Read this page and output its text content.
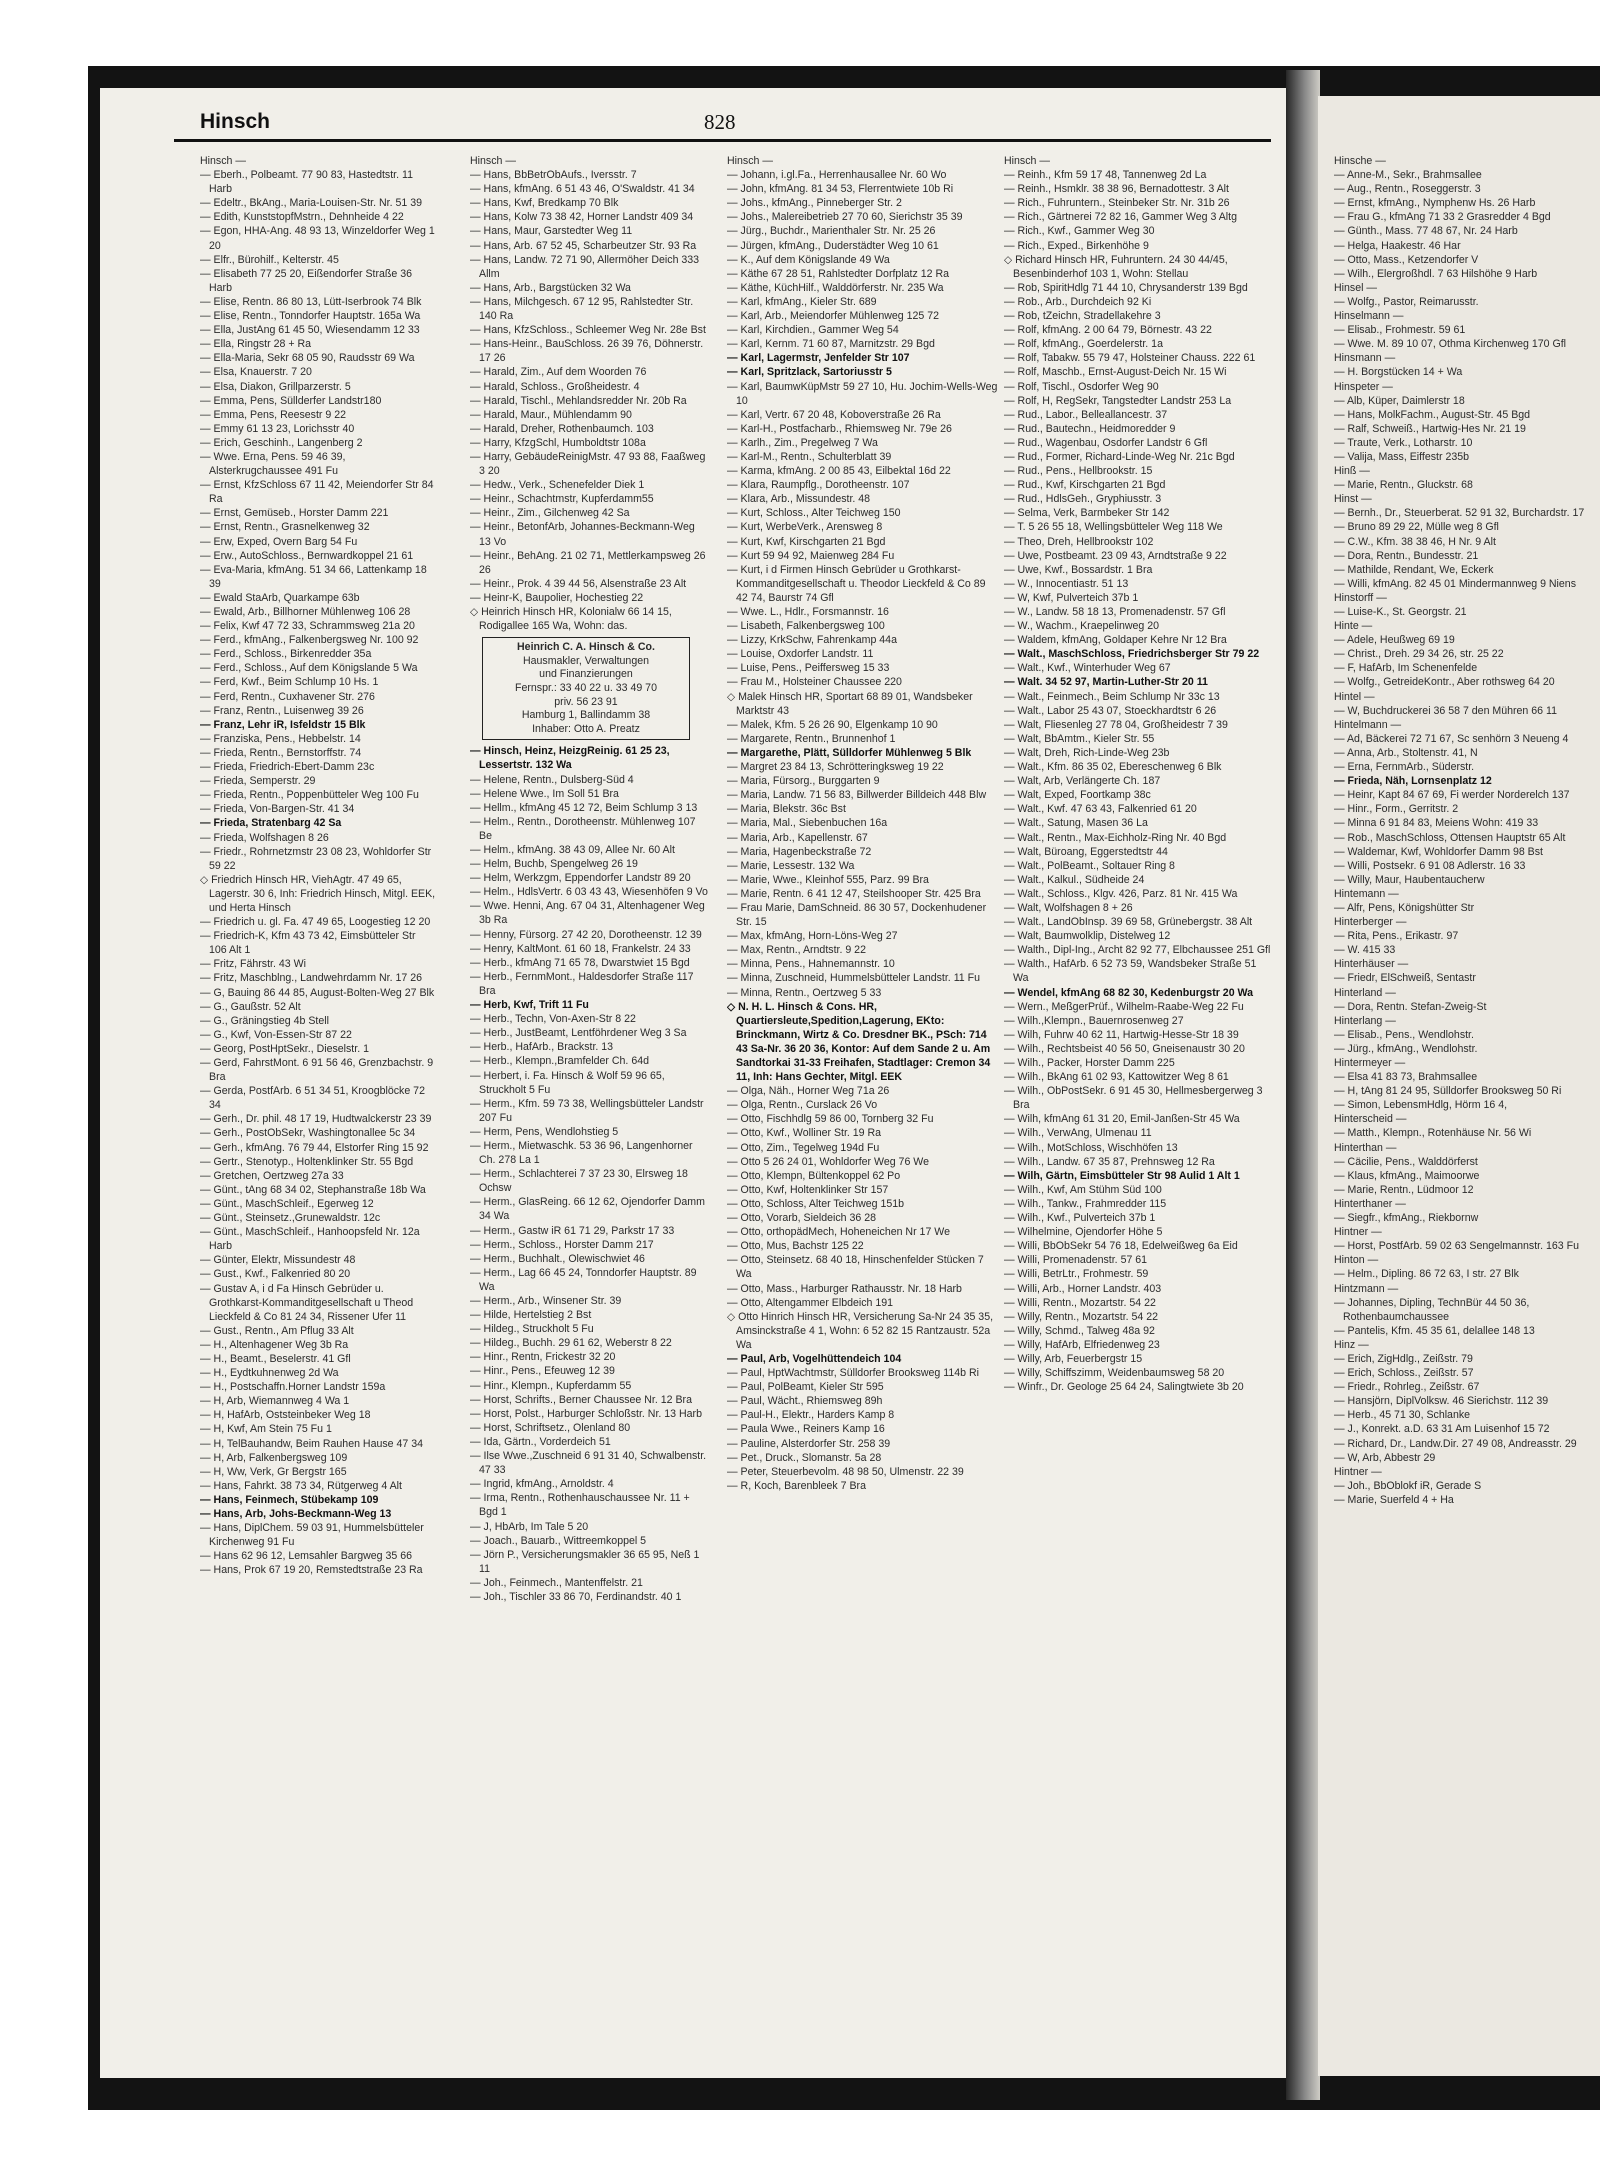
Hinsche —

— Anne-M., Sekr., Brahmsallee

— Aug., Rentn., Roseggerstr. 3

— Ernst, kfmAng., Nymphenw Hs. 26 Harb

— Frau G., kfmAng 71 33 2 Grasredder 4 Bgd

— Günth., Mass. 77 48 67, Nr. 24 Harb

— Helga, Haakestr. 46 Har

— Otto, Mass., Ketzendorfer V

— Wilh., Elergroßhdl. 7 63 Hilshöhe 9 Harb

Hinsel —

— Wolfg., Pastor, Reimarusstr.

Hinselmann —

— Elisab., Frohmestr. 59 61

— Wwe. M. 89 10 07, Othma Kirchenweg 170 Gfl

Hinsmann —

— H. Borgstücken 14 + Wa

Hinspeter —

— Alb, Küper, Daimlerstr 18

— Hans, MolkFachm., August-Str. 45 Bgd

— Ralf, Schweiß., Hartwig-Hes Nr. 21 19

— Traute, Verk., Lotharstr. 10

— Valija, Mass, Eiffestr 235b

Hinß —

— Marie, Rentn., Gluckstr. 68

Hinst —

— Bernh., Dr., Steuerberat. 52 91 32, Burchardstr. 17

— Bruno 89 29 22, Mülle weg 8 Gfl

— C.W., Kfm. 38 38 46, H Nr. 9 Alt

— Dora, Rentn., Bundesstr. 21

— Mathilde, Rendant, We, Eckerk

— Willi, kfmAng. 82 45 01 Mindermannweg 9 Niens

Hinstorff —

— Luise-K., St. Georgstr. 21

Hinte —

— Adele, Heußweg 69 19

— Christ., Dreh. 29 34 26, str. 25 22

— F, HafArb, Im Schenenfelde

— Wolfg., GetreideKontr., Aber rothsweg 64 20

Hintel —

— W, Buchdruckerei 36 58 7 den Mühren 66 11

Hintelmann —

— Ad, Bäckerei 72 71 67, Sc senhörn 3 Neueng 4

— Anna, Arb., Stoltenstr. 41, N

— Erna, FernmArb., Süderstr.

— Frieda, Näh, Lornsenplatz 12

— Heinr, Kapt 84 67 69, Fi werder Norderelch 137

— Hinr., Form., Gerritstr. 2

— Minna 6 91 84 83, Meiens Wohn: 419 33

— Rob., MaschSchloss, Ottensen Hauptstr 65 Alt

— Waldemar, Kwf, Wohldorfer Damm 98 Bst

— Willi, Postsekr. 6 91 08 Adlerstr. 16 33

— Willy, Maur, Haubentaucherw

Hintemann —

— Alfr, Pens, Königshütter Str

Hinterberger —

— Rita, Pens., Erikastr. 97

— W. 415 33

Hinterhäuser —

— Friedr, ElSchweiß, Sentastr

Hinterland —

— Dora, Rentn. Stefan-Zweig-St

Hinterlang —

— Elisab., Pens., Wendlohstr.

— Jürg., kfmAng., Wendlohstr.

Hintermeyer —

— Elsa 41 83 73, Brahmsallee

— H, tAng 81 24 95, Sülldorfer Brooksweg 50 Ri

— Simon, LebensmHdlg, Hörm 16 4,

Hinterscheid —

— Matth., Klempn., Rotenhäuse Nr. 56 Wi

Hinterthan —

— Cäcilie, Pens., Walddörferst

— Klaus, kfmAng., Maimoorwe

— Marie, Rentn., Lüdmoor 12

Hinterthaner —

— Siegfr., kfmAng., Riekbornw

Hintner —

— Horst, PostfArb. 59 02 63 Sengelmannstr. 163 Fu

Hinton —

— Helm., Dipling. 86 72 63, I str. 27 Blk

Hintzmann —

— Johannes, Dipling, TechnBür 44 50 36, Rothenbaumchaussee

— Pantelis, Kfm. 45 35 61, delallee 148 13

Hinz —

— Erich, ZigHdlg., Zeißstr. 79

— Erich, Schloss., Zeißstr. 57

— Friedr., Rohrleg., Zeißstr. 67

— Hansjörn, DiplVolksw. 46 Sierichstr. 112 39

— Herb., 45 71 30, Schlanke

— J., Konrekt. a.D. 63 31 Am Luisenhof 15 72

— Richard, Dr., Landw.Dir. 27 49 08, Andreasstr. 29

— W, Arb, Abbestr 29

Hintner —

— Joh., BbOblokf iR, Gerade S

— Marie, Suerfeld 4 + Ha

Hinsch	828

Hinsch —

— Eberh., Polbeamt. 77 90 83, Hastedtstr. 11 Harb

— Edeltr., BkAng., Maria-Louisen-Str. Nr. 51 39

— Edith, KunststopfMstrn., Dehnheide 4 22

— Egon, HHA-Ang. 48 93 13, Winzeldorfer Weg 1 20

— Elfr., Bürohilf., Kelterstr. 45

— Elisabeth 77 25 20, Eißendorfer Straße 36 Harb

— Elise, Rentn. 86 80 13, Lütt-Iserbrook 74 Blk

— Elise, Rentn., Tonndorfer Hauptstr. 165a Wa

— Ella, JustAng 61 45 50, Wiesendamm 12 33

— Ella, Ringstr 28 + Ra

— Ella-Maria, Sekr 68 05 90, Raudsstr 69 Wa

— Elsa, Knauerstr. 7 20

— Elsa, Diakon, Grillparzerstr. 5

— Emma, Pens, Süllderfer Landstr180

— Emma, Pens, Reesestr 9 22

— Emmy 61 13 23, Lorichsstr 40

— Erich, Geschinh., Langenberg 2

— Wwe. Erna, Pens. 59 46 39, Alsterkrugchaussee 491 Fu

— Ernst, KfzSchloss 67 11 42, Meiendorfer Str 84 Ra

— Ernst, Gemüseb., Horster Damm 221

— Ernst, Rentn., Grasnelkenweg 32

— Erw, Exped, Overn Barg 54 Fu

— Erw., AutoSchloss., Bernwardkoppel 21 61

— Eva-Maria, kfmAng. 51 34 66, Lattenkamp 18 39

— Ewald StaArb, Quarkampe 63b

— Ewald, Arb., Billhorner Mühlenweg 106 28

— Felix, Kwf 47 72 33, Schrammsweg 21a 20

— Ferd., kfmAng., Falkenbergsweg Nr. 100 92

— Ferd., Schloss., Birkenredder 35a

— Ferd., Schloss., Auf dem Königslande 5 Wa

— Ferd, Kwf., Beim Schlump 10 Hs. 1

— Ferd, Rentn., Cuxhavener Str. 276

— Franz, Rentn., Luisenweg 39 26

— Franz, Lehr iR, Isfeldstr 15 Blk

— Franziska, Pens., Hebbelstr. 14

— Frieda, Rentn., Bernstorffstr. 74

— Frieda, Friedrich-Ebert-Damm 23c

— Frieda, Semperstr. 29

— Frieda, Rentn., Poppenbütteler Weg 100 Fu

— Frieda, Von-Bargen-Str. 41 34

— Frieda, Stratenbarg 42 Sa

— Frieda, Wolfshagen 8 26

— Friedr., Rohrnetzmstr 23 08 23, Wohldorfer Str 59 22

◇ Friedrich Hinsch HR, ViehAgtr. 47 49 65, Lagerstr. 30 6, Inh: Friedrich Hinsch, Mitgl. EEK, und Herta Hinsch

— Friedrich u. gl. Fa. 47 49 65, Loogestieg 12 20

— Friedrich-K, Kfm 43 73 42, Eimsbütteler Str 106 Alt 1

— Fritz, Fährstr. 43 Wi

— Fritz, Maschblng., Landwehrdamm Nr. 17 26

— G, Bauing 86 44 85, August-Bolten-Weg 27 Blk

— G., Gaußstr. 52 Alt

— G., Gräningstieg 4b Stell

— G., Kwf, Von-Essen-Str 87 22

— Georg, PostHptSekr., Dieselstr. 1

— Gerd, FahrstMont. 6 91 56 46, Grenzbachstr. 9 Bra

— Gerda, PostfArb. 6 51 34 51, Kroogblöcke 72 34

— Gerh., Dr. phil. 48 17 19, Hudtwalckerstr 23 39

— Gerh., PostObSekr, Washingtonallee 5c 34

— Gerh., kfmAng. 76 79 44, Elstorfer Ring 15 92

— Gertr., Stenotyp., Holtenklinker Str. 55 Bgd

— Gretchen, Oertzweg 27a 33

— Günt., tAng 68 34 02, Stephanstraße 18b Wa

— Günt., MaschSchleif., Egerweg 12

— Günt., Steinsetz.,Grunewaldstr. 12c

— Günt., MaschSchleif., Hanhoopsfeld Nr. 12a Harb

— Günter, Elektr, Missundestr 48

— Gust., Kwf., Falkenried 80 20

— Gustav A, i d Fa Hinsch Gebrüder u. Grothkarst-Kommanditgesellschaft u Theod Lieckfeld & Co 81 24 34, Rissener Ufer 11

— Gust., Rentn., Am Pflug 33 Alt

— H., Altenhagener Weg 3b Ra

— H., Beamt., Beselerstr. 41 Gfl

— H., Eydtkuhnenweg 2d Wa

— H., Postschaffn.Horner Landstr 159a

— H, Arb, Wiemannweg 4 Wa 1

— H, HafArb, Oststeinbeker Weg 18

— H, Kwf, Am Stein 75 Fu 1

— H, TelBauhandw, Beim Rauhen Hause 47 34

— H, Arb, Falkenbergsweg 109

— H, Ww, Verk, Gr Bergstr 165

— Hans, Fahrkt. 38 73 34, Rütgerweg 4 Alt

— Hans, Feinmech, Stübekamp 109

— Hans, Arb, Johs-Beckmann-Weg 13

— Hans, DiplChem. 59 03 91, Hummelsbütteler Kirchenweg 91 Fu

— Hans 62 96 12, Lemsahler Bargweg 35 66

— Hans, Prok 67 19 20, Remstedtstraße 23 Ra

Hinsch —

— Hans, BbBetrObAufs., Iversstr. 7

— Hans, kfmAng. 6 51 43 46, O'Swaldstr. 41 34

— Hans, Kwf, Bredkamp 70 Blk

— Hans, Kolw 73 38 42, Horner Landstr 409 34

— Hans, Maur, Garstedter Weg 11

— Hans, Arb. 67 52 45, Scharbeutzer Str. 93 Ra

— Hans, Landw. 72 71 90, Allermöher Deich 333 Allm

— Hans, Arb., Bargstücken 32 Wa

— Hans, Milchgesch. 67 12 95, Rahlstedter Str. 140 Ra

— Hans, KfzSchloss., Schleemer Weg Nr. 28e Bst

— Hans-Heinr., BauSchloss. 26 39 76, Döhnerstr. 17 26

— Harald, Zim., Auf dem Woorden 76

— Harald, Schloss., Großheidestr. 4

— Harald, Tischl., Mehlandsredder Nr. 20b Ra

— Harald, Maur., Mühlendamm 90

— Harald, Dreher, Rothenbaumch. 103

— Harry, KfzgSchl, Humboldtstr 108a

— Harry, GebäudeReinigMstr. 47 93 88, Faaßweg 3 20

— Hedw., Verk., Schenefelder Diek 1

— Heinr., Schachtmstr, Kupferdamm55

— Heinr., Zim., Gilchenweg 42 Sa

— Heinr., BetonfArb, Johannes-Beckmann-Weg 13 Vo

— Heinr., BehAng. 21 02 71, Mettlerkampsweg 26 26

— Heinr., Prok. 4 39 44 56, Alsenstraße 23 Alt

— Heinr-K, Baupolier, Hochestieg 22

◇ Heinrich Hinsch HR, Kolonialw 66 14 15, Rodigallee 165 Wa, Wohn: das.

Heinrich C. A. Hinsch & Co.
Hausmakler, Verwaltungen
und Finanzierungen
Fernspr.: 33 40 22 u. 33 49 70
priv. 56 23 91
Hamburg 1, Ballindamm 38
Inhaber: Otto A. Preatz

— Hinsch, Heinz, HeizgReinig. 61 25 23, Lessertstr. 132 Wa

— Helene, Rentn., Dulsberg-Süd 4

— Helene Wwe., Im Soll 51 Bra

— Hellm., kfmAng 45 12 72, Beim Schlump 3 13

— Helm., Rentn., Dorotheenstr. Mühlenweg 107 Be

— Helm., kfmAng. 38 43 09, Allee Nr. 60 Alt

— Helm, Buchb, Spengelweg 26 19

— Helm, Werkzgm, Eppendorfer Landstr 89 20

— Helm., HdlsVertr. 6 03 43 43, Wiesenhöfen 9 Vo

— Wwe. Henni, Ang. 67 04 31, Altenhagener Weg 3b Ra

— Henny, Fürsorg. 27 42 20, Dorotheenstr. 12 39

— Henry, KaltMont. 61 60 18, Frankelstr. 24 33

— Herb., kfmAng 71 65 78, Dwarstwiet 15 Bgd

— Herb., FernmMont., Haldesdorfer Straße 117 Bra

— Herb, Kwf, Trift 11 Fu

— Herb., Techn, Von-Axen-Str 8 22

— Herb., JustBeamt, Lentföhrdener Weg 3 Sa

— Herb., HafArb., Brackstr. 13

— Herb., Klempn.,Bramfelder Ch. 64d

— Herbert, i. Fa. Hinsch & Wolf 59 96 65, Struckholt 5 Fu

— Herm., Kfm. 59 73 38, Wellingsbütteler Landstr 207 Fu

— Herm, Pens, Wendlohstieg 5

— Herm., Mietwaschk. 53 36 96, Langenhorner Ch. 278 La 1

— Herm., Schlachterei 7 37 23 30, Elrsweg 18 Ochsw

— Herm., GlasReing. 66 12 62, Ojendorfer Damm 34 Wa

— Herm., Gastw iR 61 71 29, Parkstr 17 33

— Herm., Schloss., Horster Damm 217

— Herm., Buchhalt., Olewischwiet 46

— Herm., Lag 66 45 24, Tonndorfer Hauptstr. 89 Wa

— Herm., Arb., Winsener Str. 39

— Hilde, Hertelstieg 2 Bst

— Hildeg., Struckholt 5 Fu

— Hildeg., Buchh. 29 61 62, Weberstr 8 22

— Hinr., Rentn, Frickestr 32 20

— Hinr., Pens., Efeuweg 12 39

— Hinr., Klempn., Kupferdamm 55

— Horst, Schrifts., Berner Chaussee Nr. 12 Bra

— Horst, Polst., Harburger Schloßstr. Nr. 13 Harb

— Horst, Schriftsetz., Olenland 80

— Ida, Gärtn., Vorderdeich 51

— Ilse Wwe.,Zuschneid 6 91 31 40, Schwalbenstr. 47 33

— Ingrid, kfmAng., Arnoldstr. 4

— Irma, Rentn., Rothenhauschaussee Nr. 11 + Bgd 1

— J, HbArb, Im Tale 5 20

— Joach., Bauarb., Wittreemkoppel 5

— Jörn P., Versicherungsmakler 36 65 95, Neß 1 11

— Joh., Feinmech., Mantenffelstr. 21

— Joh., Tischler 33 86 70, Ferdinandstr. 40 1

Hinsch —

— Johann, i.gl.Fa., Herrenhausallee Nr. 60 Wo

— John, kfmAng. 81 34 53, Flerrentwiete 10b Ri

— Johs., kfmAng., Pinneberger Str. 2

— Johs., Malereibetrieb 27 70 60, Sierichstr 35 39

— Jürg., Buchdr., Marienthaler Str. Nr. 25 26

— Jürgen, kfmAng., Duderstädter Weg 10 61

— K., Auf dem Königslande 49 Wa

— Käthe 67 28 51, Rahlstedter Dorfplatz 12 Ra

— Käthe, KüchHilf., Walddörferstr. Nr. 235 Wa

— Karl, kfmAng., Kieler Str. 689

— Karl, Arb., Meiendorfer Mühlenweg 125 72

— Karl, Kirchdien., Gammer Weg 54

— Karl, Kernm. 71 60 87, Marnitzstr. 29 Bgd

— Karl, Lagermstr, Jenfelder Str 107

— Karl, Spritzlack, Sartoriusstr 5

— Karl, BaumwKüpMstr 59 27 10, Hu. Jochim-Wells-Weg 10

— Karl, Vertr. 67 20 48, Koboverstraße 26 Ra

— Karl-H., Postfacharb., Rhiemsweg Nr. 79e 26

— Karlh., Zim., Pregelweg 7 Wa

— Karl-M., Rentn., Schulterblatt 39

— Karma, kfmAng. 2 00 85 43, Eilbektal 16d 22

— Klara, Raumpflg., Dorotheenstr. 107

— Klara, Arb., Missundestr. 48

— Kurt, Schloss., Alter Teichweg 150

— Kurt, WerbeVerk., Arensweg 8

— Kurt, Kwf, Kirschgarten 21 Bgd

— Kurt 59 94 92, Maienweg 284 Fu

— Kurt, i d Firmen Hinsch Gebrüder u Grothkarst-Kommanditgesellschaft u. Theodor Lieckfeld & Co 89 42 74, Baurstr 74 Gfl

— Wwe. L., Hdlr., Forsmannstr. 16

— Lisabeth, Falkenbergsweg 100

— Lizzy, KrkSchw, Fahrenkamp 44a

— Louise, Oxdorfer Landstr. 11

— Luise, Pens., Peiffersweg 15 33

— Frau M., Holsteiner Chaussee 220

◇ Malek Hinsch HR, Sportart 68 89 01, Wandsbeker Marktstr 43

— Malek, Kfm. 5 26 26 90, Elgenkamp 10 90

— Margarete, Rentn., Brunnenhof 1

— Margarethe, Plätt, Sülldorfer Mühlenweg 5 Blk

— Margret 23 84 13, Schrötteringksweg 19 22

— Maria, Fürsorg., Burggarten 9

— Maria, Landw. 71 56 83, Billwerder Billdeich 448 Blw

— Maria, Blekstr. 36c Bst

— Maria, Mal., Siebenbuchen 16a

— Maria, Arb., Kapellenstr. 67

— Maria, Hagenbeckstraße 72

— Marie, Lessestr. 132 Wa

— Marie, Wwe., Kleinhof 555, Parz. 99 Bra

— Marie, Rentn. 6 41 12 47, Steilshooper Str. 425 Bra

— Frau Marie, DamSchneid. 86 30 57, Dockenhudener Str. 15

— Max, kfmAng, Horn-Löns-Weg 27

— Max, Rentn., Arndtstr. 9 22

— Minna, Pens., Hahnemannstr. 10

— Minna, Zuschneid, Hummelsbütteler Landstr. 11 Fu

— Minna, Rentn., Oertzweg 5 33

◇ N. H. L. Hinsch & Cons. HR, Quartiersleute,Spedition,Lagerung, EKto: Brinckmann, Wirtz & Co. Dresdner BK., PSch: 714 43 Sa-Nr. 36 20 36, Kontor: Auf dem Sande 2 u. Am Sandtorkai 31-33 Freihafen, Stadtlager: Cremon 34 11, Inh: Hans Gechter, Mitgl. EEK

— Olga, Näh., Horner Weg 71a 26

— Olga, Rentn., Curslack 26 Vo

— Otto, Fischhdlg 59 86 00, Tornberg 32 Fu

— Otto, Kwf., Wolliner Str. 19 Ra

— Otto, Zim., Tegelweg 194d Fu

— Otto 5 26 24 01, Wohldorfer Weg 76 We

— Otto, Klempn, Bültenkoppel 62 Po

— Otto, Kwf, Holtenklinker Str 157

— Otto, Schloss, Alter Teichweg 151b

— Otto, Vorarb, Sieldeich 36 28

— Otto, orthopädMech, Hoheneichen Nr 17 We

— Otto, Mus, Bachstr 125 22

— Otto, Steinsetz. 68 40 18, Hinschenfelder Stücken 7 Wa

— Otto, Mass., Harburger Rathausstr. Nr. 18 Harb

— Otto, Altengammer Elbdeich 191

◇ Otto Hinrich Hinsch HR, Versicherung Sa-Nr 24 35 35, Amsinckstraße 4 1, Wohn: 6 52 82 15 Rantzaustr. 52a Wa

— Paul, Arb, Vogelhüttendeich 104

— Paul, HptWachtmstr, Sülldorfer Brooksweg 114b Ri

— Paul, PolBeamt, Kieler Str 595

— Paul, Wächt., Rhiemsweg 89h

— Paul-H., Elektr., Harders Kamp 8

— Paula Wwe., Reiners Kamp 16

— Pauline, Alsterdorfer Str. 258 39

— Pet., Druck., Slomanstr. 5a 28

— Peter, Steuerbevolm. 48 98 50, Ulmenstr. 22 39

— R, Koch, Barenbleek 7 Bra

Hinsch —

— Reinh., Kfm 59 17 48, Tannenweg 2d La

— Reinh., Hsmklr. 38 38 96, Bernadottestr. 3 Alt

— Rich., Fuhruntern., Steinbeker Str. Nr. 31b 26

— Rich., Gärtnerei 72 82 16, Gammer Weg 3 Altg

— Rich., Kwf., Gammer Weg 30

— Rich., Exped., Birkenhöhe 9

◇ Richard Hinsch HR, Fuhruntern. 24 30 44/45, Besenbinderhof 103 1, Wohn: Stellau

— Rob, SpiritHdlg 71 44 10, Chrysanderstr 139 Bgd

— Rob., Arb., Durchdeich 92 Ki

— Rob, tZeichn, Stradellakehre 3

— Rolf, kfmAng. 2 00 64 79, Börnestr. 43 22

— Rolf, kfmAng., Goerdelerstr. 1a

— Rolf, Tabakw. 55 79 47, Holsteiner Chauss. 222 61

— Rolf, Maschb., Ernst-August-Deich Nr. 15 Wi

— Rolf, Tischl., Osdorfer Weg 90

— Rolf, H, RegSekr, Tangstedter Landstr 253 La

— Rud., Labor., Belleallancestr. 37

— Rud., Bautechn., Heidmoredder 9

— Rud., Wagenbau, Osdorfer Landstr 6 Gfl

— Rud., Former, Richard-Linde-Weg Nr. 21c Bgd

— Rud., Pens., Hellbrookstr. 15

— Rud., Kwf, Kirschgarten 21 Bgd

— Rud., HdlsGeh., Gryphiusstr. 3

— Selma, Verk, Barmbeker Str 142

— T. 5 26 55 18, Wellingsbütteler Weg 118 We

— Theo, Dreh, Hellbrookstr 102

— Uwe, Postbeamt. 23 09 43, Arndtstraße 9 22

— Uwe, Kwf., Bossardstr. 1 Bra

— W., Innocentiastr. 51 13

— W, Kwf, Pulverteich 37b 1

— W., Landw. 58 18 13, Promenadenstr. 57 Gfl

— W., Wachm., Kraepelinweg 20

— Waldem, kfmAng, Goldaper Kehre Nr 12 Bra

— Walt., MaschSchloss, Friedrichsberger Str 79 22

— Walt., Kwf., Winterhuder Weg 67

— Walt. 34 52 97, Martin-Luther-Str 20 11

— Walt., Feinmech., Beim Schlump Nr 33c 13

— Walt., Labor 25 43 07, Stoeckhardtstr 6 26

— Walt, Fliesenleg 27 78 04, Großheidestr 7 39

— Walt, BbAmtm., Kieler Str. 55

— Walt, Dreh, Rich-Linde-Weg 23b

— Walt., Kfm. 86 35 02, Ebereschenweg 6 Blk

— Walt, Arb, Verlängerte Ch. 187

— Walt, Exped, Foortkamp 38c

— Walt., Kwf. 47 63 43, Falkenried 61 20

— Walt., Satung, Masen 36 La

— Walt., Rentn., Max-Eichholz-Ring Nr. 40 Bgd

— Walt, Büroang, Eggerstedtstr 44

— Walt., PolBeamt., Soltauer Ring 8

— Walt., Kalkul., Südheide 24

— Walt., Schloss., Klgv. 426, Parz. 81 Nr. 415 Wa

— Walt, Wolfshagen 8 + 26

— Walt., LandObInsp. 39 69 58, Grünebergstr. 38 Alt

— Walt, Baumwolklip, Distelweg 12

— Walth., Dipl-Ing., Archt 82 92 77, Elbchaussee 251 Gfl

— Walth., HafArb. 6 52 73 59, Wandsbeker Straße 51 Wa

— Wendel, kfmAng 68 82 30, Kedenburgstr 20 Wa

— Wern., MeßgerPrüf., Wilhelm-Raabe-Weg 22 Fu

— Wilh.,Klempn., Bauernrosenweg 27

— Wilh, Fuhrw 40 62 11, Hartwig-Hesse-Str 18 39

— Wilh., Rechtsbeist 40 56 50, Gneisenaustr 30 20

— Wilh., Packer, Horster Damm 225

— Wilh., BkAng 61 02 93, Kattowitzer Weg 8 61

— Wilh., ObPostSekr. 6 91 45 30, Hellmesbergerweg 3 Bra

— Wilh, kfmAng 61 31 20, Emil-Janßen-Str 45 Wa

— Wilh., VerwAng, Ulmenau 11

— Wilh., MotSchloss, Wischhöfen 13

— Wilh., Landw. 67 35 87, Prehnsweg 12 Ra

— Wilh, Gärtn, Eimsbütteler Str 98 Aulid 1 Alt 1

— Wilh., Kwf, Am Stühm Süd 100

— Wilh., Tankw., Frahmredder 115

— Wilh., Kwf., Pulverteich 37b 1

— Wilhelmine, Ojendorfer Höhe 5

— Willi, BbObSekr 54 76 18, Edelweißweg 6a Eid

— Willi, Promenadenstr. 57 61

— Willi, BetrLtr., Frohmestr. 59

— Willi, Arb., Horner Landstr. 403

— Willi, Rentn., Mozartstr. 54 22

— Willy, Rentn., Mozartstr. 54 22

— Willy, Schmd., Talweg 48a 92

— Willy, HafArb, Elfriedenweg 23

— Willy, Arb, Feuerbergstr 15

— Willy, Schiffszimm, Weidenbaumsweg 58 20

— Winfr., Dr. Geologe 25 64 24, Salingtwiete 3b 20
